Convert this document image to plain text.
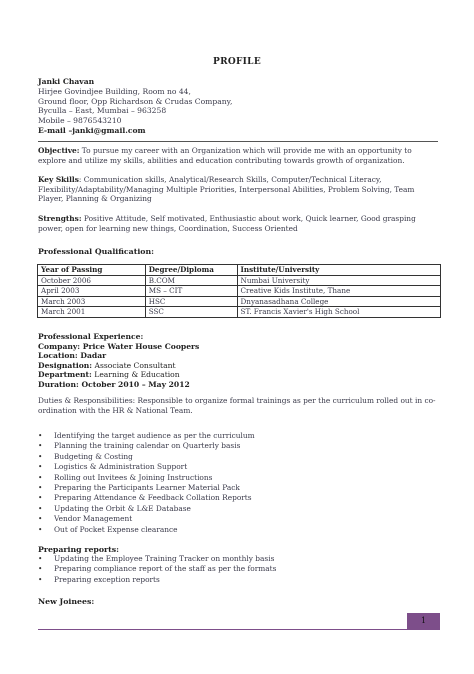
PROFILE
Janki Chavan
Hirjee Govindjee Building, Room no 44,
Ground floor, Opp Richardson & Crudas Company,
Byculla – East, Mumbai – 963258
Mobile – 9876543210
E-mail –janki@gmail.com
Objective: To pursue my career with an Organization which will provide me with an opportunity to explore and utilize my skills, abilities and education contributing towards growth of organization.
Key Skills: Communication skills, Analytical/Research Skills, Computer/Technical Literacy, Flexibility/Adaptability/Managing Multiple Priorities, Interpersonal Abilities, Problem Solving, Team Player, Planning & Organizing
Strengths: Positive Attitude, Self motivated, Enthusiastic about work, Quick learner, Good grasping power, open for learning new things, Coordination, Success Oriented
Professional Qualification:
Year of Passing	Degree/Diploma	Institute/University
October 2006	B.COM	Numbai University
April 2003	MS – CIT	Creative Kids Institute, Thane
March 2003	HSC	Dnyanasadhana College
March 2001	SSC	ST. Francis Xavier's High School
Professional Experience:
Company: Price Water House Coopers
Location: Dadar
Designation: Associate Consultant
Department: Learning & Education
Duration: October 2010 – May 2012
Duties & Responsibilities: Responsible to organize formal trainings as per the curriculum rolled out in co-ordination with the HR & National Team.
• Identifying the target audience as per the curriculum
• Planning the training calendar on Quarterly basis
• Budgeting & Costing
• Logistics & Administration Support
• Rolling out Invitees & Joining Instructions
• Preparing the Participants Learner Material Pack
• Preparing Attendance & Feedback Collation Reports
• Updating the Orbit & L&E Database
• Vendor Management
• Out of Pocket Expense clearance
Preparing reports:
• Updating the Employee Training Tracker on monthly basis
• Preparing compliance report of the staff as per the formats
• Preparing exception reports
New Joinees:
1
